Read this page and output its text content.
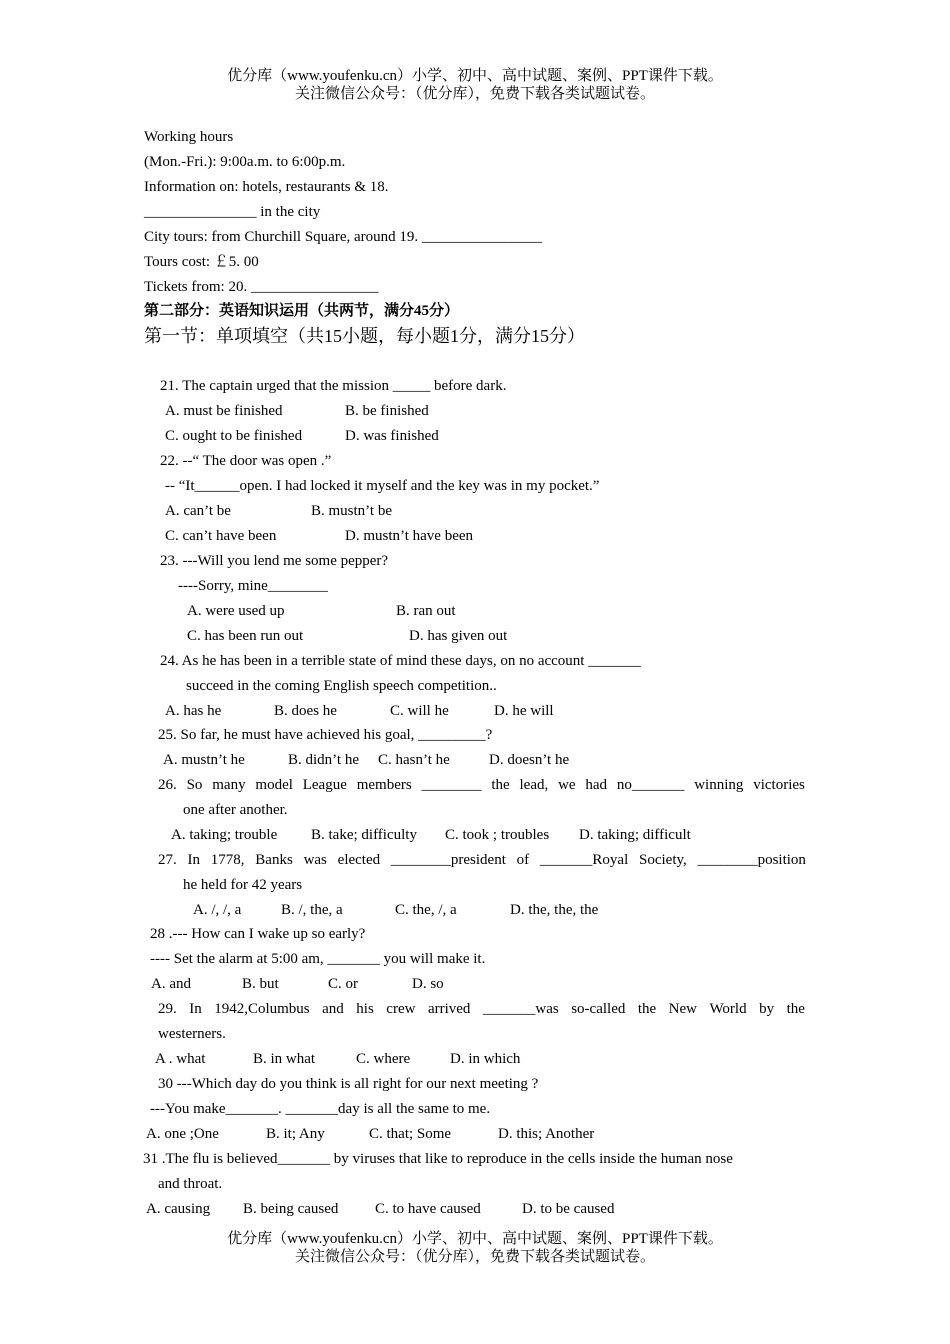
优分库（www.youfenku.cn）小学、初中、高中试题、案例、PPT课件下载。
关注微信公众号：（优分库），免费下载各类试题试卷。
Working hours
(Mon.-Fri.): 9:00a.m. to 6:00p.m.
Information on: hotels, restaurants & 18.
_______________ in the city
City tours: from Churchill Square, around 19. ________________
Tours cost: ￡5. 00
Tickets from: 20. _________________
第二部分：英语知识运用（共两节，满分45分）
第一节：单项填空（共15小题，每小题1分，满分15分）
21. The captain urged that the mission _____ before dark.
A. must be finished	B. be finished
C. ought to be finished	D. was finished
22. --“ The door was open .”
-- “It______open. I had locked it myself and the key was in my pocket.”
A. can’t be	B. mustn’t be
C. can’t have been	D. mustn’t have been
23. ---Will you lend me some pepper?
----Sorry, mine________
A. were used up	B. ran out
C. has been run out	D. has given out
24. As he has been in a terrible state of mind these days, on no account _______
succeed in the coming English speech competition..
A. has he	B. does he	C. will he	D. he will
25. So far, he must have achieved his goal, _________?
A. mustn’t he	B. didn’t he C. hasn’t he	D. doesn’t he
26. So many model League members ________ the lead, we had no_______ winning victories
one after another.
A. taking; trouble B. take; difficulty C. took ; troubles D. taking; difficult
27. In 1778, Banks was elected ________president of _______Royal Society, ________position
he held for 42 years
A. /, /, a	B. /, the, a	C. the, /, a	D. the, the, the
28 .--- How can I wake up so early?
---- Set the alarm at 5:00 am, _______ you will make it.
A. and	B. but	C. or	D. so
29. In 1942,Columbus and his crew arrived _______was so-called the New World by the
westerners.
A . what	B. in what	C. where	D. in which
30 ---Which day do you think is all right for our next meeting ?
---You make_______. _______day is all the same to me.
A. one ;One	B. it; Any	C. that; Some	D. this; Another
31 .The flu is believed_______ by viruses that like to reproduce in the cells inside the human nose
and throat.
A. causing B. being caused C. to have caused	D. to be caused
优分库（www.youfenku.cn）小学、初中、高中试题、案例、PPT课件下载。
关注微信公众号：（优分库），免费下载各类试题试卷。
